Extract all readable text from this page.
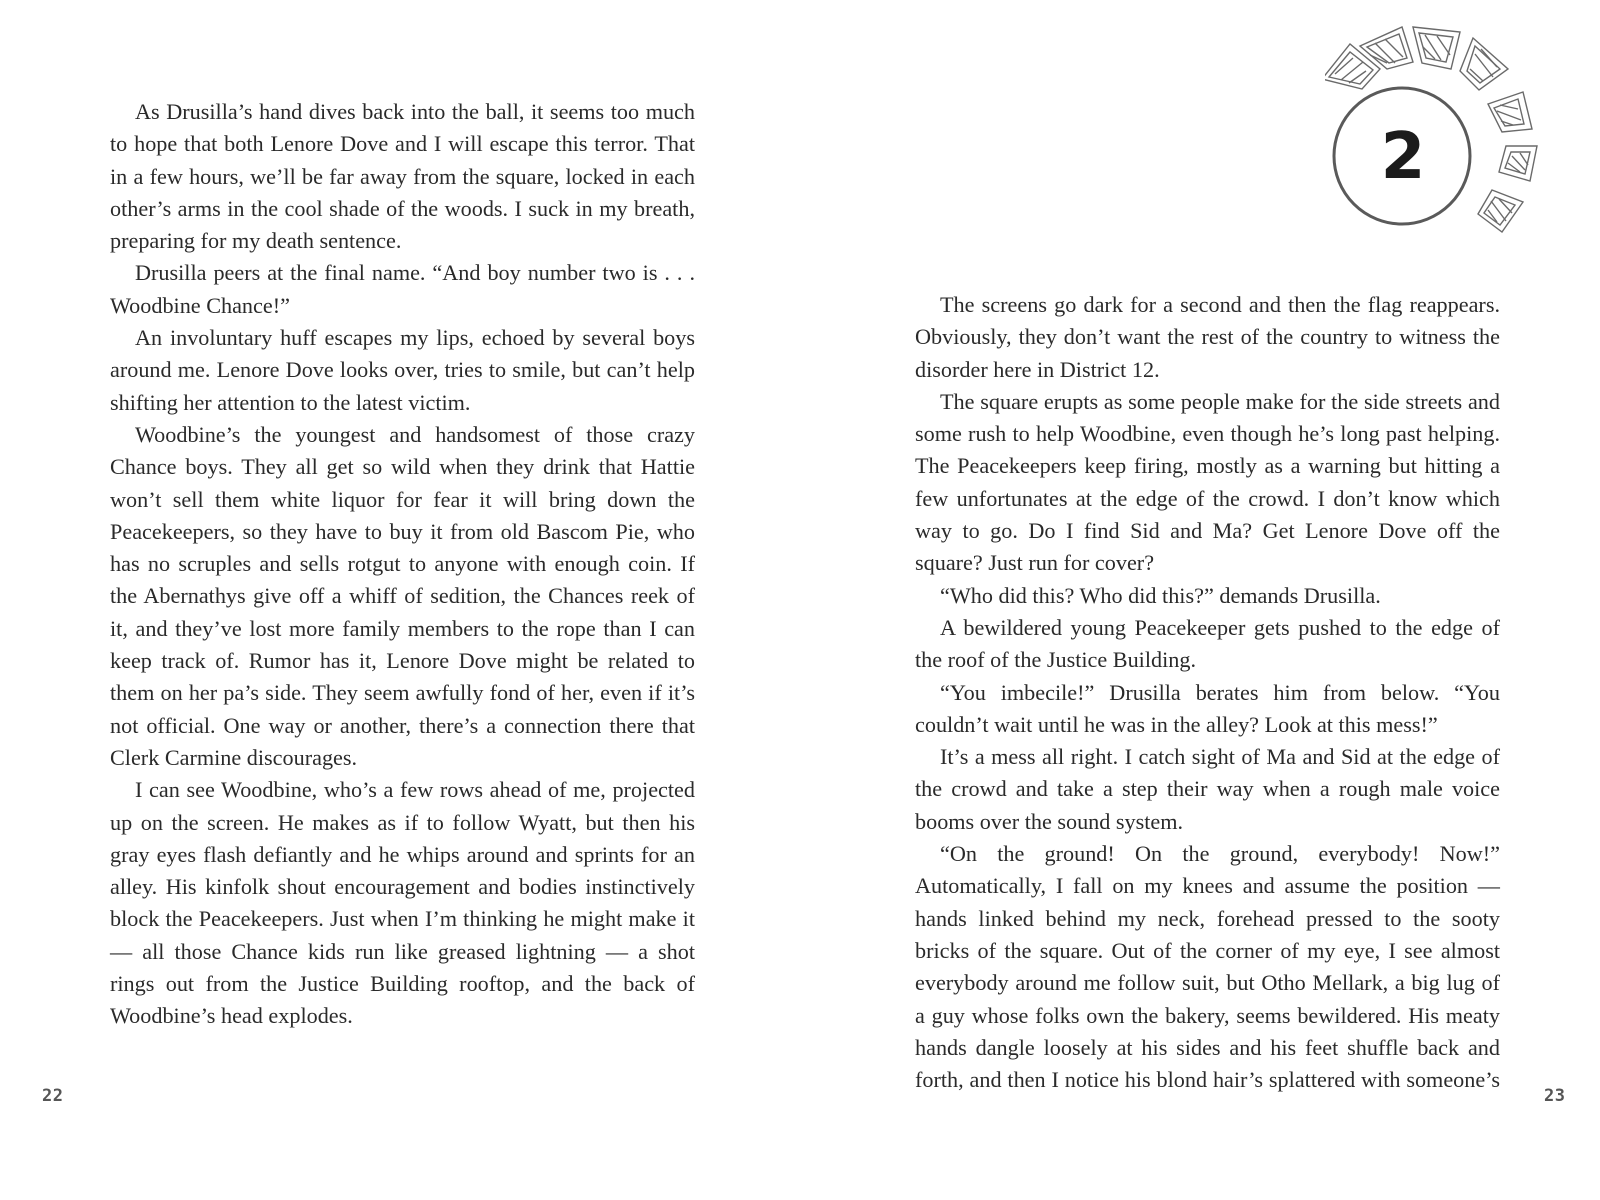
As Drusilla’s hand dives back into the ball, it seems too much to hope that both Lenore Dove and I will escape this terror. That in a few hours, we’ll be far away from the square, locked in each other’s arms in the cool shade of the woods. I suck in my breath, preparing for my death sentence.

Drusilla peers at the final name. “And boy number two is . . . Woodbine Chance!”

An involuntary huff escapes my lips, echoed by several boys around me. Lenore Dove looks over, tries to smile, but can’t help shifting her attention to the latest victim.

Woodbine’s the youngest and handsomest of those crazy Chance boys. They all get so wild when they drink that Hattie won’t sell them white liquor for fear it will bring down the Peacekeepers, so they have to buy it from old Bascom Pie, who has no scruples and sells rotgut to anyone with enough coin. If the Abernathys give off a whiff of sedition, the Chances reek of it, and they’ve lost more family members to the rope than I can keep track of. Rumor has it, Lenore Dove might be related to them on her pa’s side. They seem awfully fond of her, even if it’s not official. One way or another, there’s a connection there that Clerk Carmine discourages.

I can see Woodbine, who’s a few rows ahead of me, projected up on the screen. He makes as if to follow Wyatt, but then his gray eyes flash defiantly and he whips around and sprints for an alley. His kinfolk shout encouragement and bodies instinctively block the Peacekeepers. Just when I’m thinking he might make it — all those Chance kids run like greased lightning — a shot rings out from the Justice Building rooftop, and the back of Woodbine’s head explodes.

22
2

The screens go dark for a second and then the flag reappears. Obviously, they don’t want the rest of the country to witness the disorder here in District 12.

The square erupts as some people make for the side streets and some rush to help Woodbine, even though he’s long past helping. The Peacekeepers keep firing, mostly as a warning but hitting a few unfortunates at the edge of the crowd. I don’t know which way to go. Do I find Sid and Ma? Get Lenore Dove off the square? Just run for cover?

“Who did this? Who did this?” demands Drusilla.

A bewildered young Peacekeeper gets pushed to the edge of the roof of the Justice Building.

“You imbecile!” Drusilla berates him from below. “You couldn’t wait until he was in the alley? Look at this mess!”

It’s a mess all right. I catch sight of Ma and Sid at the edge of the crowd and take a step their way when a rough male voice booms over the sound system.

“On the ground! On the ground, everybody! Now!” Automatically, I fall on my knees and assume the position — hands linked behind my neck, forehead pressed to the sooty bricks of the square. Out of the corner of my eye, I see almost everybody around me follow suit, but Otho Mellark, a big lug of a guy whose folks own the bakery, seems bewildered. His meaty hands dangle loosely at his sides and his feet shuffle back and forth, and then I notice his blond hair’s splattered with someone’s

23
